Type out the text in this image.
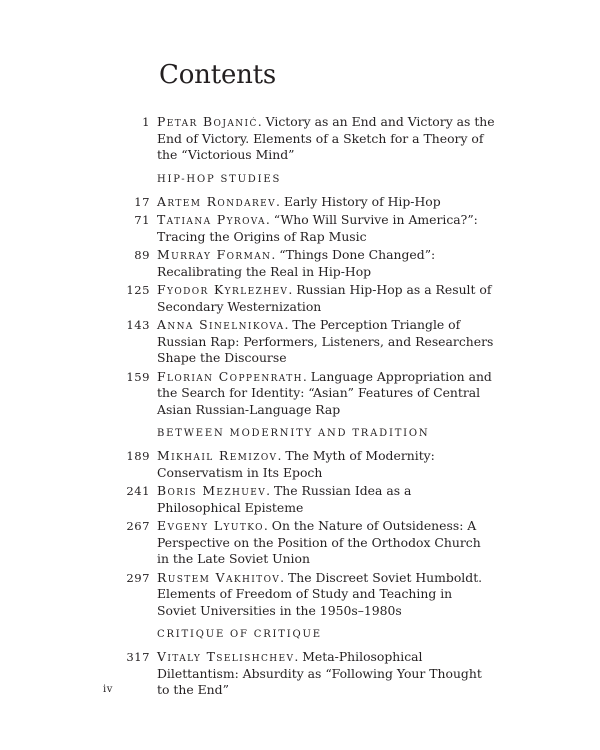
Contents
1 Petar Bojanić. Victory as an End and Victory as the End of Victory. Elements of a Sketch for a Theory of the “Victorious Mind”
HIP-HOP STUDIES
17 Artem Rondarev. Early History of Hip-Hop
71 Tatiana Pyrova. “Who Will Survive in America?”: Tracing the Origins of Rap Music
89 Murray Forman. “Things Done Changed”: Recalibrating the Real in Hip-Hop
125 Fyodor Kyrlezhev. Russian Hip-Hop as a Result of Secondary Westernization
143 Anna Sinelnikova. The Perception Triangle of Russian Rap: Performers, Listeners, and Researchers Shape the Discourse
159 Florian Coppenrath. Language Appropriation and the Search for Identity: “Asian” Features of Central Asian Russian-Language Rap
BETWEEN MODERNITY AND TRADITION
189 Mikhail Remizov. The Myth of Modernity: Conservatism in Its Epoch
241 Boris Mezhuev. The Russian Idea as a Philosophical Episteme
267 Evgeny Lyutko. On the Nature of Outsideness: A Perspective on the Position of the Orthodox Church in the Late Soviet Union
297 Rustem Vakhitov. The Discreet Soviet Humboldt. Elements of Freedom of Study and Teaching in Soviet Universities in the 1950s–1980s
CRITIQUE OF CRITIQUE
317 Vitaly Tselishchev. Meta-Philosophical Dilettantism: Absurdity as “Following Your Thought to the End”
iv
